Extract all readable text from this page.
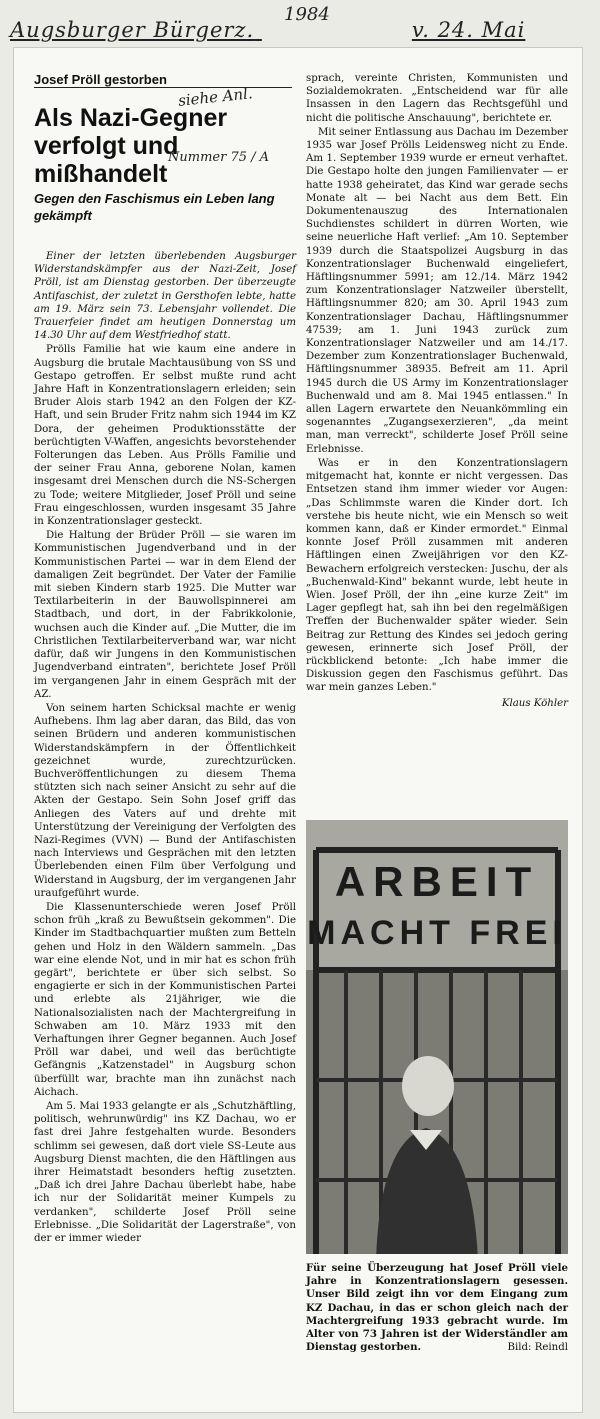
Augsburger Bürgerz.	v. 24. Mai
1984
Josef Pröll gestorben
siehe Anl.
Als Nazi-Gegner verfolgt und mißhandelt
Nummer 75 / A
Gegen den Faschismus ein Leben lang gekämpft

Einer der letzten überlebenden Augsburger Widerstandskämpfer aus der Nazi-Zeit, Josef Pröll, ist am Dienstag gestorben. Der überzeugte Antifaschist, der zuletzt in Gersthofen lebte, hatte am 19. März sein 73. Lebensjahr vollendet. Die Trauerfeier findet am heutigen Donnerstag um 14.30 Uhr auf dem Westfriedhof statt.

Prölls Familie hat wie kaum eine andere in Augsburg die brutale Machtausübung von SS und Gestapo getroffen. Er selbst mußte rund acht Jahre Haft in Konzentrationslagern erleiden; sein Bruder Alois starb 1942 an den Folgen der KZ-Haft, und sein Bruder Fritz nahm sich 1944 im KZ Dora, der geheimen Produktionsstätte der berüchtigten V-Waffen, angesichts bevorstehender Folterungen das Leben. Aus Prölls Familie und der seiner Frau Anna, geborene Nolan, kamen insgesamt drei Menschen durch die NS-Schergen zu Tode; weitere Mitglieder, Josef Pröll und seine Frau eingeschlossen, wurden insgesamt 35 Jahre in Konzentrationslager gesteckt.

Die Haltung der Brüder Pröll — sie waren im Kommunistischen Jugendverband und in der Kommunistischen Partei — war in dem Elend der damaligen Zeit begründet. Der Vater der Familie mit sieben Kindern starb 1925. Die Mutter war Textilarbeiterin in der Bauwollspinnerei am Stadtbach, und dort, in der Fabrikkolonie, wuchsen auch die Kinder auf. „Die Mutter, die im Christlichen Textilarbeiterverband war, war nicht dafür, daß wir Jungens in den Kommunistischen Jugendverband eintraten", berichtete Josef Pröll im vergangenen Jahr in einem Gespräch mit der AZ.

Von seinem harten Schicksal machte er wenig Aufhebens. Ihm lag aber daran, das Bild, das von seinen Brüdern und anderen kommunistischen Widerstandskämpfern in der Öffentlichkeit gezeichnet wurde, zurechtzurücken. Buchveröffentlichungen zu diesem Thema stützten sich nach seiner Ansicht zu sehr auf die Akten der Gestapo. Sein Sohn Josef griff das Anliegen des Vaters auf und drehte mit Unterstützung der Vereinigung der Verfolgten des Nazi-Regimes (VVN) — Bund der Antifaschisten nach Interviews und Gesprächen mit den letzten Überlebenden einen Film über Verfolgung und Widerstand in Augsburg, der im vergangenen Jahr uraufgeführt wurde.

Die Klassenunterschiede weren Josef Pröll schon früh „kraß zu Bewußtsein gekommen". Die Kinder im Stadtbachquartier mußten zum Betteln gehen und Holz in den Wäldern sammeln. „Das war eine elende Not, und in mir hat es schon früh gegärt", berichtete er über sich selbst. So engagierte er sich in der Kommunistischen Partei und erlebte als 21jähriger, wie die Nationalsozialisten nach der Machtergreifung in Schwaben am 10. März 1933 mit den Verhaftungen ihrer Gegner begannen. Auch Josef Pröll war dabei, und weil das berüchtigte Gefängnis „Katzenstadel" in Augsburg schon überfüllt war, brachte man ihn zunächst nach Aichach.

Am 5. Mai 1933 gelangte er als „Schutzhäftling, politisch, wehrunwürdig" ins KZ Dachau, wo er fast drei Jahre festgehalten wurde. Besonders schlimm sei gewesen, daß dort viele SS-Leute aus Augsburg Dienst machten, die den Häftlingen aus ihrer Heimatstadt besonders heftig zusetzten. „Daß ich drei Jahre Dachau überlebt habe, habe ich nur der Solidarität meiner Kumpels zu verdanken", schilderte Josef Pröll seine Erlebnisse. „Die Solidarität der Lagerstraße", von der er immer wieder

sprach, vereinte Christen, Kommunisten und Sozialdemokraten. „Entscheidend war für alle Insassen in den Lagern das Rechtsgefühl und nicht die politische Anschauung", berichtete er.

Mit seiner Entlassung aus Dachau im Dezember 1935 war Josef Prölls Leidensweg nicht zu Ende. Am 1. September 1939 wurde er erneut verhaftet. Die Gestapo holte den jungen Familienvater — er hatte 1938 geheiratet, das Kind war gerade sechs Monate alt — bei Nacht aus dem Bett. Ein Dokumentenauszug des Internationalen Suchdienstes schildert in dürren Worten, wie seine neuerliche Haft verlief: „Am 10. September 1939 durch die Staatspolizei Augsburg in das Konzentrationslager Buchenwald eingeliefert, Häftlingsnummer 5991; am 12./14. März 1942 zum Konzentrationslager Natzweiler überstellt, Häftlingsnummer 820; am 30. April 1943 zum Konzentrationslager Dachau, Häftlingsnummer 47539; am 1. Juni 1943 zurück zum Konzentrationslager Natzweiler und am 14./17. Dezember zum Konzentrationslager Buchenwald, Häftlingsnummer 38935. Befreit am 11. April 1945 durch die US Army im Konzentrationslager Buchenwald und am 8. Mai 1945 entlassen." In allen Lagern erwartete den Neuankömmling ein sogenanntes „Zugangsexerzieren", „da meint man, man verreckt", schilderte Josef Pröll seine Erlebnisse.

Was er in den Konzentrationslagern mitgemacht hat, konnte er nicht vergessen. Das Entsetzen stand ihm immer wieder vor Augen: „Das Schlimmste waren die Kinder dort. Ich verstehe bis heute nicht, wie ein Mensch so weit kommen kann, daß er Kinder ermordet." Einmal konnte Josef Pröll zusammen mit anderen Häftlingen einen Zweijährigen vor den KZ-Bewachern erfolgreich verstecken: Juschu, der als „Buchenwald-Kind" bekannt wurde, lebt heute in Wien. Josef Pröll, der ihn „eine kurze Zeit" im Lager gepflegt hat, sah ihn bei den regelmäßigen Treffen der Buchenwalder später wieder. Sein Beitrag zur Rettung des Kindes sei jedoch gering gewesen, erinnerte sich Josef Pröll, der rückblickend betonte: „Ich habe immer die Diskussion gegen den Faschismus geführt. Das war mein ganzes Leben."

Klaus Köhler
ARBEIT
MACHT FREI

Für seine Überzeugung hat Josef Pröll viele Jahre in Konzentrationslagern gesessen. Unser Bild zeigt ihn vor dem Eingang zum KZ Dachau, in das er schon gleich nach der Machtergreifung 1933 gebracht wurde. Im Alter von 73 Jahren ist der Widerständler am Dienstag gestorben.	Bild: Reindl
